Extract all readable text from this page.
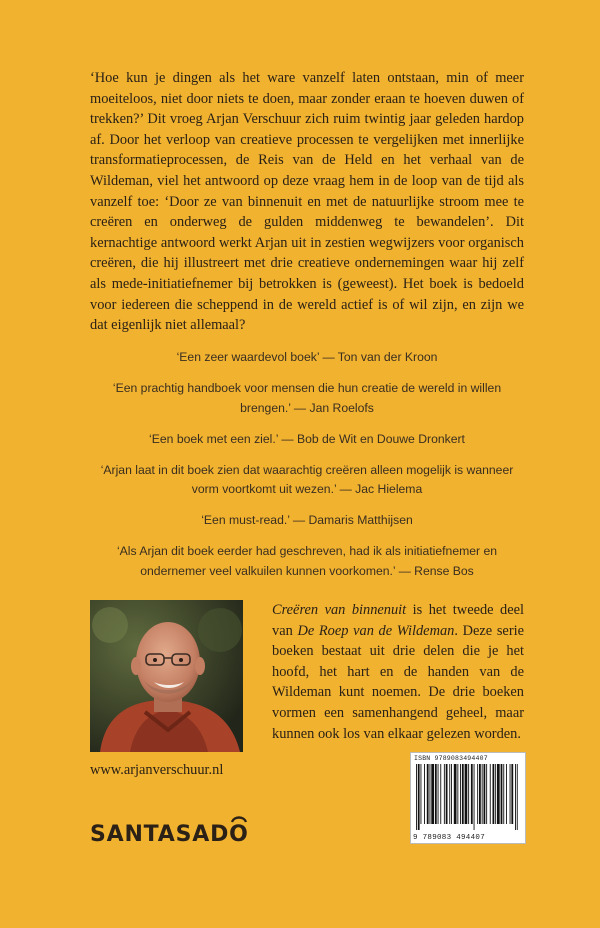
‘Hoe kun je dingen als het ware vanzelf laten ontstaan, min of meer moeiteloos, niet door niets te doen, maar zonder eraan te hoeven duwen of trekken?’ Dit vroeg Arjan Verschuur zich ruim twintig jaar geleden hardop af. Door het verloop van creatieve processen te vergelijken met innerlijke transformatieprocessen, de Reis van de Held en het verhaal van de Wildeman, viel het antwoord op deze vraag hem in de loop van de tijd als vanzelf toe: ‘Door ze van binnenuit en met de natuurlijke stroom mee te creëren en onderweg de gulden middenweg te bewandelen’. Dit kernachtige antwoord werkt Arjan uit in zestien wegwijzers voor organisch creëren, die hij illustreert met drie creatieve ondernemingen waar hij zelf als mede-initiatiefnemer bij betrokken is (geweest). Het boek is bedoeld voor iedereen die scheppend in de wereld actief is of wil zijn, en zijn we dat eigenlijk niet allemaal?

‘Een zeer waardevol boek’ — Ton van der Kroon

‘Een prachtig handboek voor mensen die hun creatie de wereld in willen brengen.’ — Jan Roelofs

‘Een boek met een ziel.’ — Bob de Wit en Douwe Dronkert

‘Arjan laat in dit boek zien dat waarachtig creëren alleen mogelijk is wanneer vorm voortkomt uit wezen.’ — Jac Hielema

‘Een must-read.’ — Damaris Matthijsen

‘Als Arjan dit boek eerder had geschreven, had ik als initiatiefnemer en ondernemer veel valkuilen kunnen voorkomen.’ — Rense Bos

Creëren van binnenuit is het tweede deel van De Roep van de Wildeman. Deze serie boeken bestaat uit drie delen die je het hoofd, het hart en de handen van de Wildeman kunt noemen. De drie boeken vormen een samenhangend geheel, maar kunnen ook los van elkaar gelezen worden.

www.arjanverschuur.nl
SANTASAD
O
ISBN 9789083494407
9 789083 494407
